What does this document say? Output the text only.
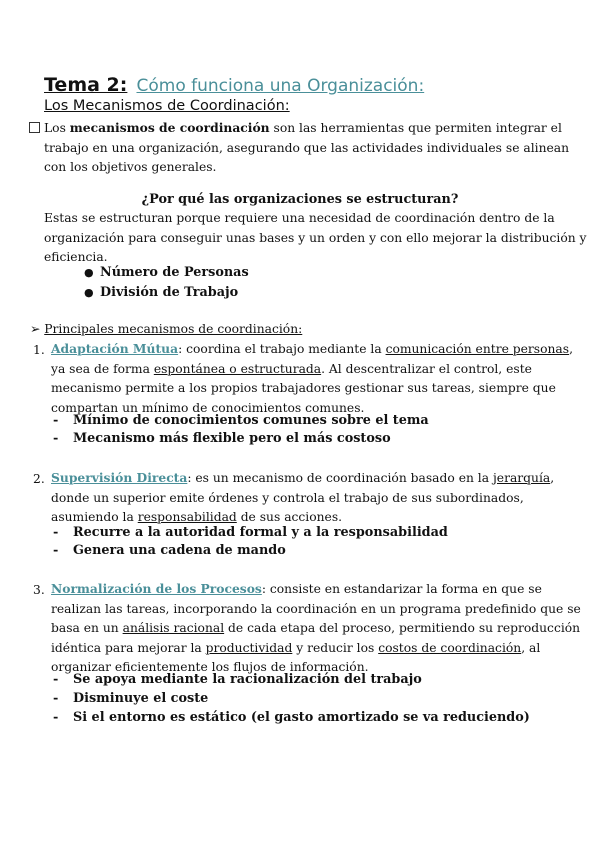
Tema 2: Cómo funciona una Organización:
Los Mecanismos de Coordinación:
Los mecanismos de coordinación son las herramientas que permiten integrar el
trabajo en una organización, asegurando que las actividades individuales se alinean
con los objetivos generales.
¿Por qué las organizaciones se estructuran?
Estas se estructuran porque requiere una necesidad de coordinación dentro de la
organización para conseguir unas bases y un orden y con ello mejorar la distribución y
eficiencia.
● Número de Personas
● División de Trabajo
➢ Principales mecanismos de coordinación:
1. Adaptación Mútua: coordina el trabajo mediante la comunicación entre personas,
ya sea de forma espontánea o estructurada. Al descentralizar el control, este
mecanismo permite a los propios trabajadores gestionar sus tareas, siempre que
compartan un mínimo de conocimientos comunes.
- Mínimo de conocimientos comunes sobre el tema
- Mecanismo más flexible pero el más costoso
2. Supervisión Directa: es un mecanismo de coordinación basado en la jerarquía,
donde un superior emite órdenes y controla el trabajo de sus subordinados,
asumiendo la responsabilidad de sus acciones.
- Recurre a la autoridad formal y a la responsabilidad
- Genera una cadena de mando
3. Normalización de los Procesos: consiste en estandarizar la forma en que se
realizan las tareas, incorporando la coordinación en un programa predefinido que se
basa en un análisis racional de cada etapa del proceso, permitiendo su reproducción
idéntica para mejorar la productividad y reducir los costos de coordinación, al
organizar eficientemente los flujos de información.
- Se apoya mediante la racionalización del trabajo
- Disminuye el coste
- Si el entorno es estático (el gasto amortizado se va reduciendo)
